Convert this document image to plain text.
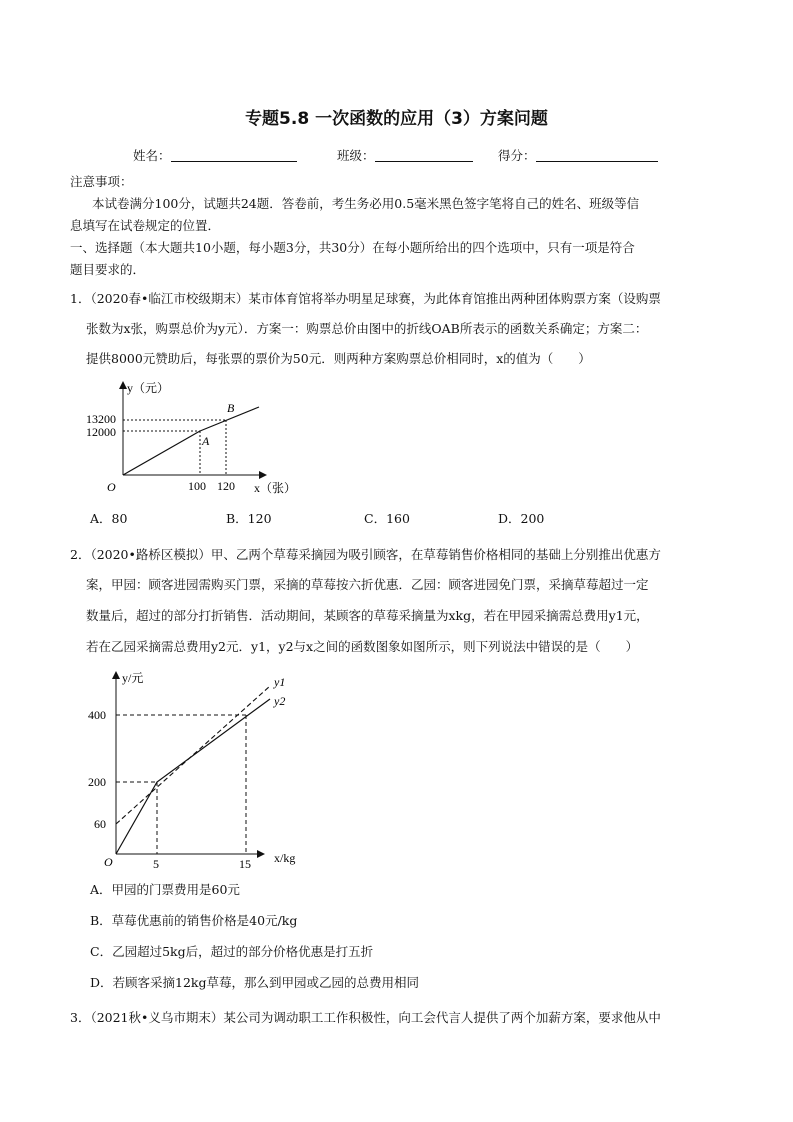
专题5.8 一次函数的应用（3）方案问题
姓名：	班级：	得分：
注意事项：
本试卷满分100分，试题共24题．答卷前，考生务必用0.5毫米黑色签字笔将自己的姓名、班级等信
息填写在试卷规定的位置．
一、选择题（本大题共10小题，每小题3分，共30分）在每小题所给出的四个选项中，只有一项是符合
题目要求的．
1．（2020春•临江市校级期末）某市体育馆将举办明星足球赛，为此体育馆推出两种团体购票方案（设购票
张数为x张，购票总价为y元）．方案一：购票总价由图中的折线OAB所表示的函数关系确定；方案二：
提供8000元赞助后，每张票的票价为50元．则两种方案购票总价相同时，x的值为（　　）
y（元）
x（张）
O
A
B
13200
12000
100 120
A．80	B．120	C．160	D．200
2．（2020•路桥区模拟）甲、乙两个草莓采摘园为吸引顾客，在草莓销售价格相同的基础上分别推出优惠方
案，甲园：顾客进园需购买门票，采摘的草莓按六折优惠．乙园：顾客进园免门票，采摘草莓超过一定
数量后，超过的部分打折销售．活动期间，某顾客的草莓采摘量为xkg，若在甲园采摘需总费用y1元，
若在乙园采摘需总费用y2元．y1，y2与x之间的函数图象如图所示，则下列说法中错误的是（　　）
y/元
x/kg
O
y1
y2
400
200
60
5	15
A．甲园的门票费用是60元
B．草莓优惠前的销售价格是40元/kg
C．乙园超过5kg后，超过的部分价格优惠是打五折
D．若顾客采摘12kg草莓，那么到甲园或乙园的总费用相同
3．（2021秋•义乌市期末）某公司为调动职工工作积极性，向工会代言人提供了两个加薪方案，要求他从中
